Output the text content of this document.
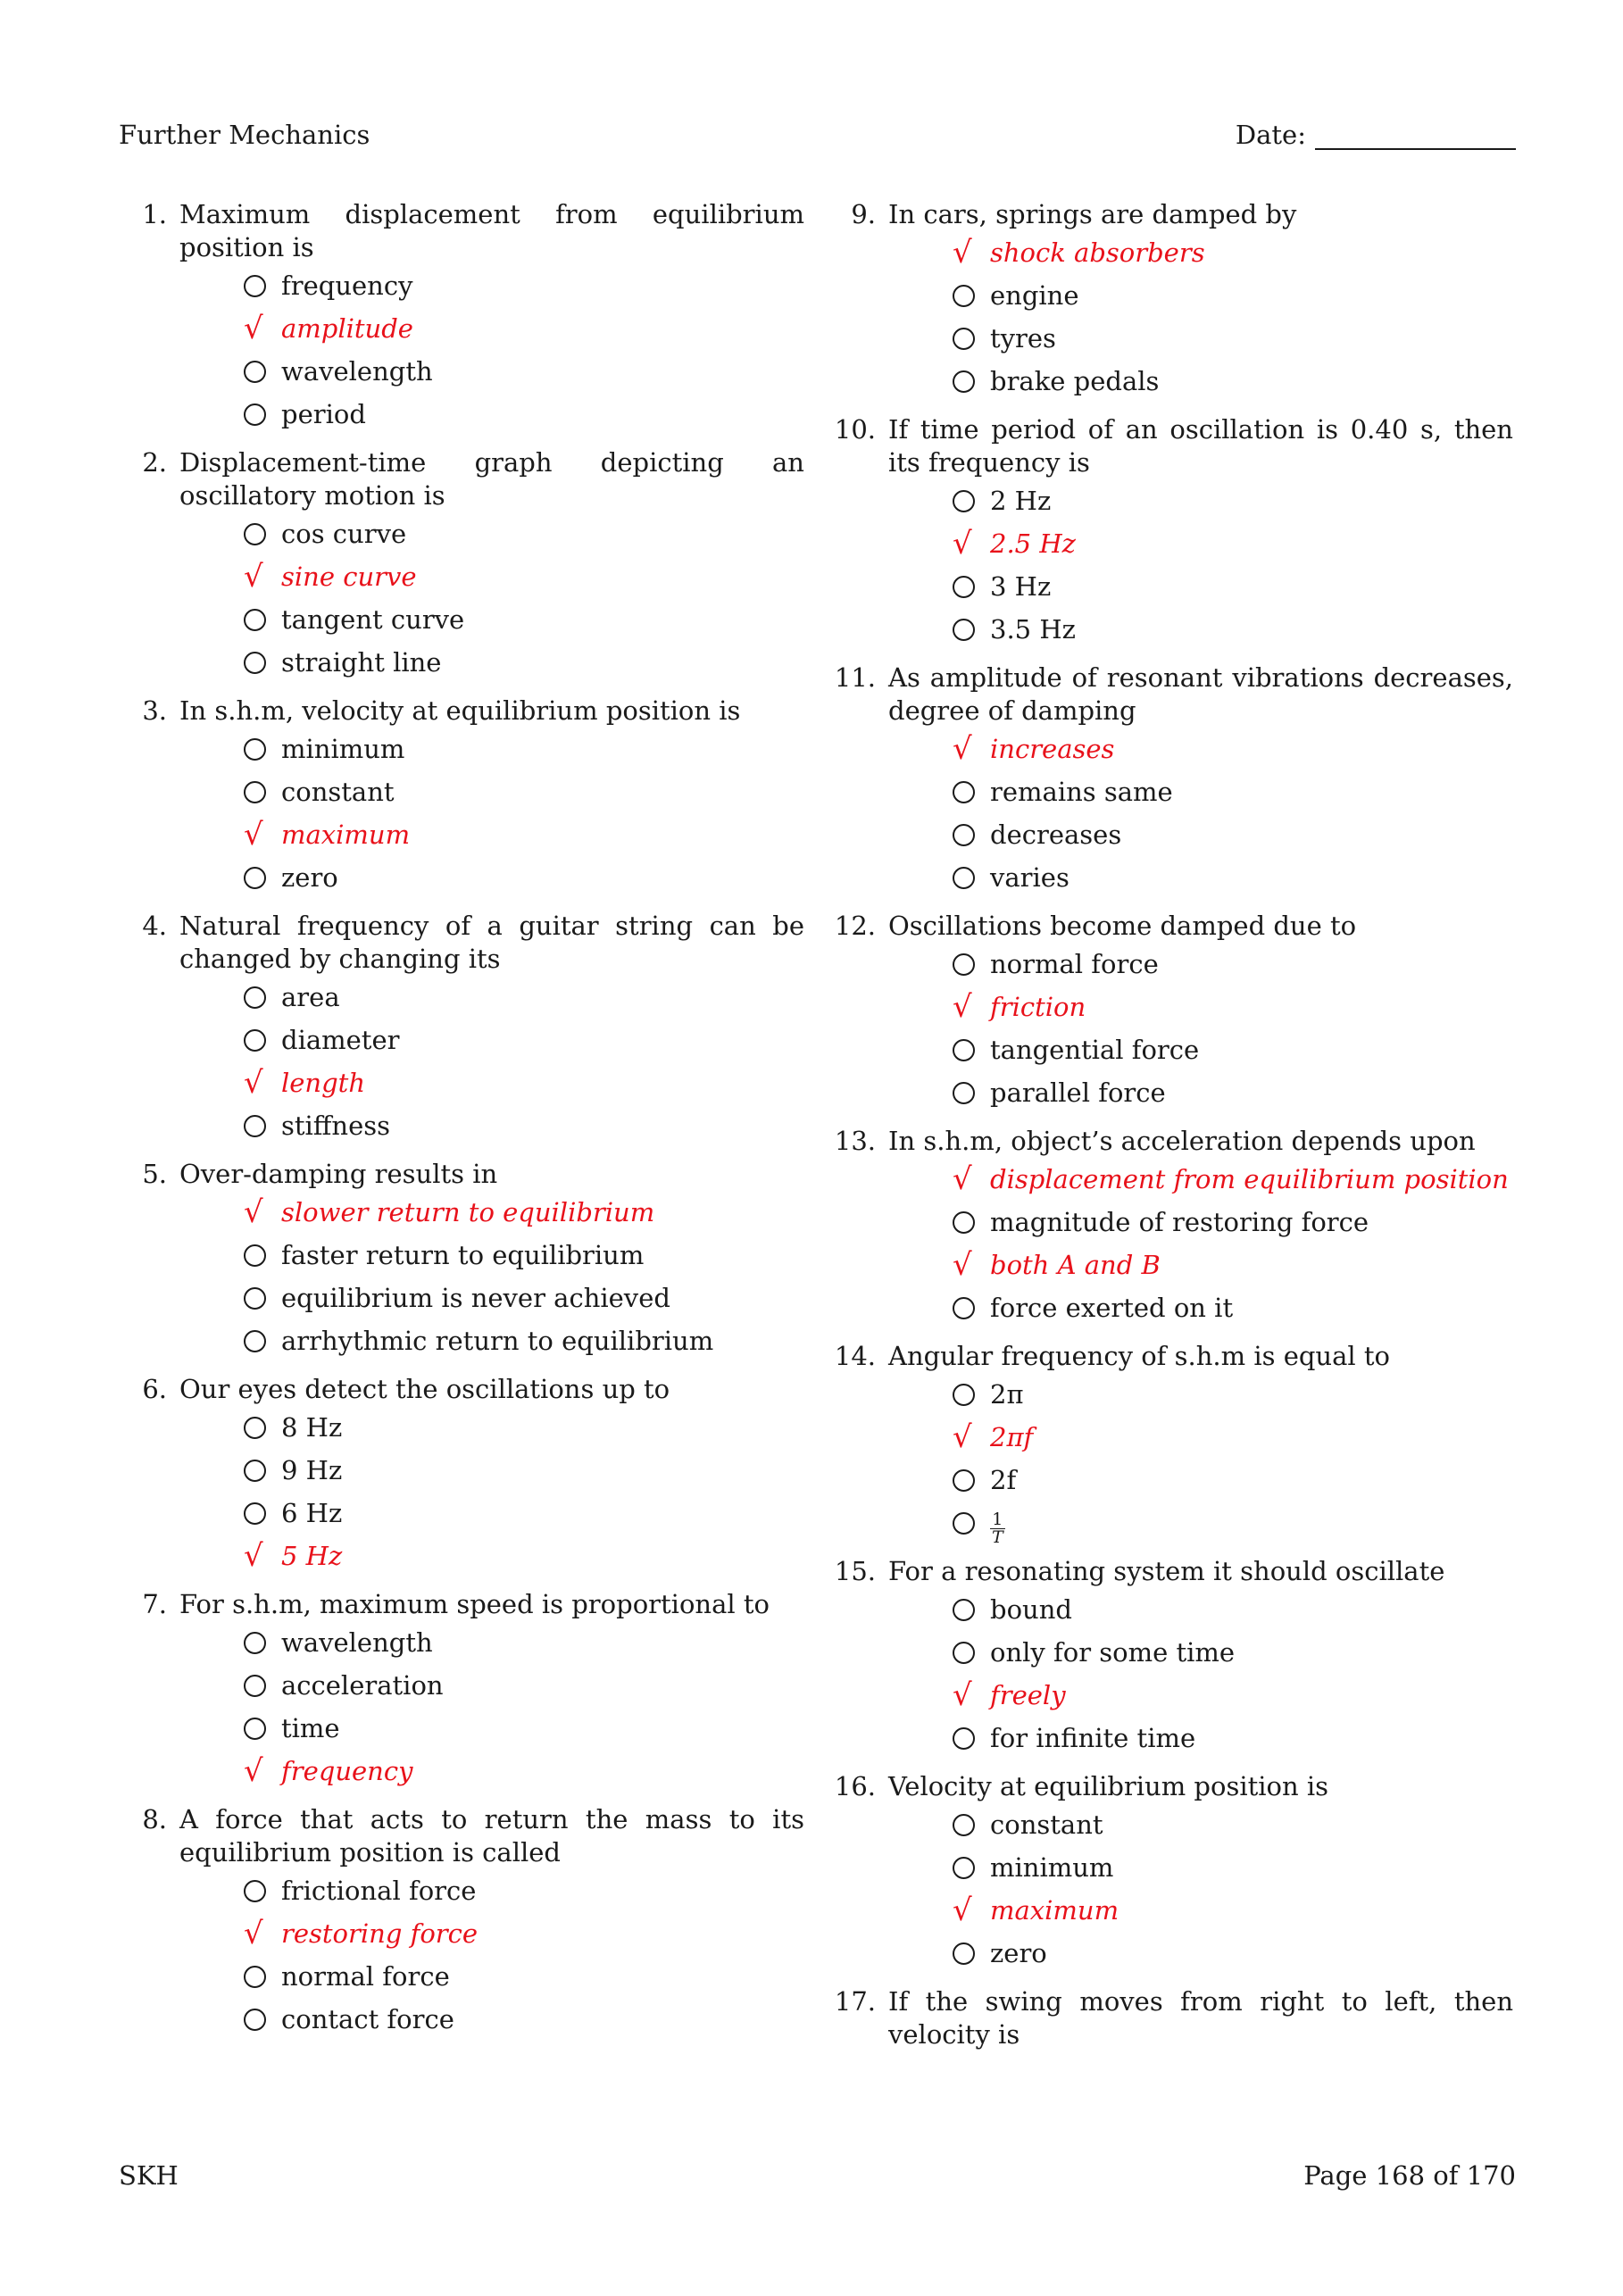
Further Mechanics	Date:
1. Maximum displacement from equilibrium position is
frequency
√ amplitude
wavelength
period
2. Displacement-time graph depicting an oscillatory motion is
cos curve
√ sine curve
tangent curve
straight line
3. In s.h.m, velocity at equilibrium position is
minimum
constant
√ maximum
zero
4. Natural frequency of a guitar string can be changed by changing its
area
diameter
√ length
stiffness
5. Over-damping results in
√ slower return to equilibrium
faster return to equilibrium
equilibrium is never achieved
arrhythmic return to equilibrium
6. Our eyes detect the oscillations up to
8 Hz
9 Hz
6 Hz
√ 5 Hz
7. For s.h.m, maximum speed is proportional to
wavelength
acceleration
time
√ frequency
8. A force that acts to return the mass to its equilibrium position is called
frictional force
√ restoring force
normal force
contact force
9. In cars, springs are damped by
√ shock absorbers
engine
tyres
brake pedals
10. If time period of an oscillation is 0.40 s, then its frequency is
2 Hz
√ 2.5 Hz
3 Hz
3.5 Hz
11. As amplitude of resonant vibrations decreases, degree of damping
√ increases
remains same
decreases
varies
12. Oscillations become damped due to
normal force
√ friction
tangential force
parallel force
13. In s.h.m, object’s acceleration depends upon
√ displacement from equilibrium position
magnitude of restoring force
√ both A and B
force exerted on it
14. Angular frequency of s.h.m is equal to
2π
√ 2πf
2f
$\frac{1}{T}$
15. For a resonating system it should oscillate
bound
only for some time
√ freely
for infinite time
16. Velocity at equilibrium position is
constant
minimum
√ maximum
zero
17. If the swing moves from right to left, then velocity is
SKH	Page 168 of 170
